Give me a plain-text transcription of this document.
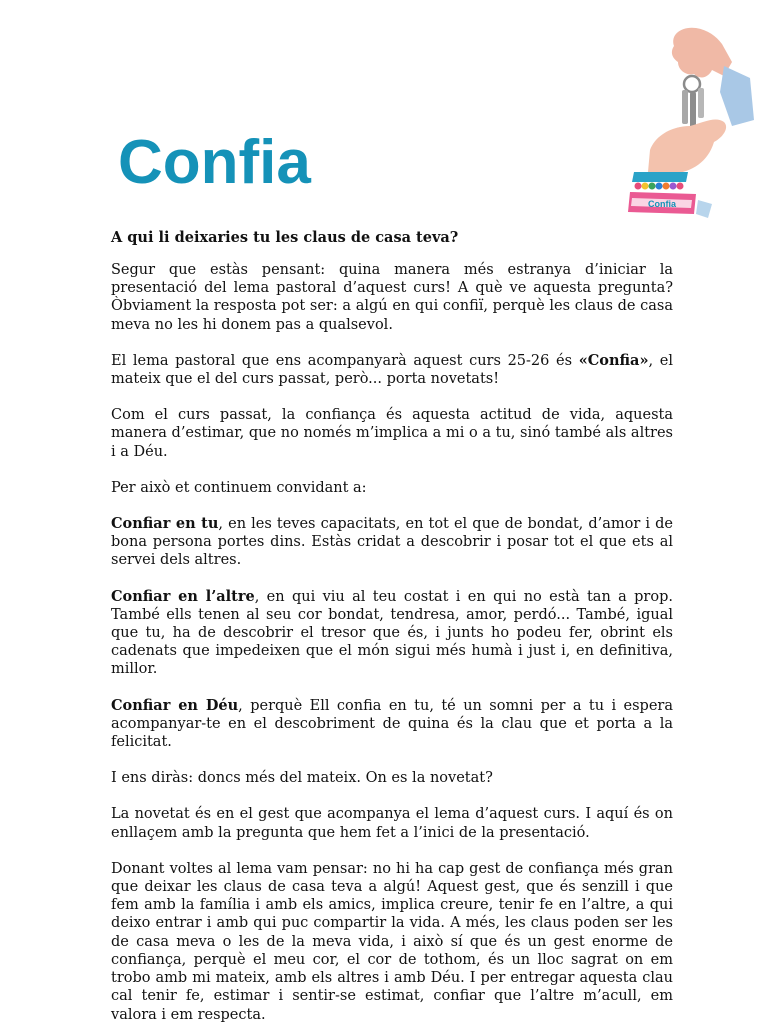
Confia
Confia

A qui li deixaries tu les claus de casa teva?

Segur que estàs pensant: quina manera més estranya d’iniciar la presentació del lema pastoral d’aquest curs! A què ve aquesta pregunta? Òbviament la resposta pot ser: a algú en qui confiï, perquè les claus de casa meva no les hi donem pas a qualsevol.

El lema pastoral que ens acompanyarà aquest curs 25-26 és «Confia», el mateix que el del curs passat, però... porta novetats!

Com el curs passat, la confiança és aquesta actitud de vida, aquesta manera d’estimar, que no només m’implica a mi o a tu, sinó també als altres i a Déu.

Per això et continuem convidant a:

Confiar en tu, en les teves capacitats, en tot el que de bondat, d’amor i de bona persona portes dins. Estàs cridat a descobrir i posar tot el que ets al servei dels altres.

Confiar en l’altre, en qui viu al teu costat i en qui no està tan a prop. També ells tenen al seu cor bondat, tendresa, amor, perdó... També, igual que tu, ha de descobrir el tresor que és, i junts ho podeu fer, obrint els cadenats que impedeixen que el món sigui més humà i just i, en definitiva, millor.

Confiar en Déu, perquè Ell confia en tu, té un somni per a tu i espera acompanyar-te en el descobriment de quina és la clau que et porta a la felicitat.

I ens diràs: doncs més del mateix. On es la novetat?

La novetat és en el gest que acompanya el lema d’aquest curs. I aquí és on enllaçem amb la pregunta que hem fet a l’inici de la presentació.

Donant voltes al lema vam pensar: no hi ha cap gest de confiança més gran que deixar les claus de casa teva a algú! Aquest gest, que és senzill i que fem amb la família i amb els amics, implica creure, tenir fe en l’altre, a qui deixo entrar i amb qui puc compartir la vida. A més, les claus poden ser les de casa meva o les de la meva vida, i això sí que és un gest enorme de confiança, perquè el meu cor, el cor de tothom, és un lloc sagrat on em trobo amb mi mateix, amb els altres i amb Déu. I per entregar aquesta clau cal tenir fe, estimar i sentir-se estimat, confiar que l’altre m’acull, em valora i em respecta.
